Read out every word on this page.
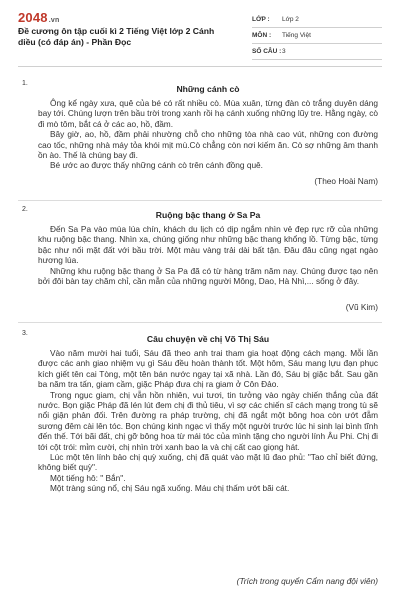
2048.vn
Đề cương ôn tập cuối kì 2 Tiếng Việt lớp 2 Cánh diều (có đáp án) - Phần Đọc
LỚP : Lớp 2
MÔN : Tiếng Việt
SỐ CÂU : 3
1.
Những cánh cò

Ông kể ngày xưa, quê của bé có rất nhiều cò. Mùa xuân, từng đàn cò trắng duyên dáng bay tới. Chúng lượn trên bầu trời trong xanh rồi hạ cánh xuống những lũy tre. Hằng ngày, cò đi mò tôm, bắt cá ở các ao, hồ, đầm.

Bây giờ, ao, hồ, đầm phải nhường chỗ cho những tòa nhà cao vút, những con đường cao tốc, những nhà máy tỏa khói mịt mù.Cò chẳng còn nơi kiếm ăn. Cò sợ những âm thanh ồn ào. Thế là chúng bay đi.

Bé ước ao được thấy những cánh cò trên cánh đồng quê.

(Theo Hoài Nam)
2.
Ruộng bậc thang ở Sa Pa

Đến Sa Pa vào mùa lúa chín, khách du lịch có dịp ngắm nhìn vẻ đẹp rực rỡ của những khu ruộng bậc thang. Nhìn xa, chúng giống như những bậc thang khổng lồ. Từng bậc, từng bậc như nối mặt đất với bầu trời. Một màu vàng trải dài bất tận. Đâu đâu cũng ngạt ngào hương lúa.

Những khu ruộng bậc thang ở Sa Pa đã có từ hàng trăm năm nay. Chúng được tạo nên bởi đôi bàn tay chăm chỉ, cần mẫn của những người Mông, Dao, Hà Nhì,... sống ở đây.

(Vũ Kim)
3.
Câu chuyện về chị Võ Thị Sáu

Vào năm mười hai tuổi, Sáu đã theo anh trai tham gia hoạt động cách mạng. Mỗi lần được các anh giao nhiệm vụ gì Sáu đều hoàn thành tốt. Một hôm, Sáu mang lựu đạn phục kích giết tên cai Tòng, một tên bán nước ngay tại xã nhà. Lần đó, Sáu bị giặc bắt. Sau gần ba năm tra tấn, giam cầm, giặc Pháp đưa chị ra giam ở Côn Đảo.

Trong ngục giam, chị vẫn hồn nhiên, vui tươi, tin tưởng vào ngày chiến thắng của đất nước. Bọn giặc Pháp đã lén lút đem chị đi thủ tiêu, vì sợ các chiến sĩ cách mạng trong tù sẽ nổi giận phản đối. Trên đường ra pháp trường, chị đã ngắt một bông hoa còn ướt đẫm sương đêm cài lên tóc. Bọn chúng kinh ngạc vì thấy một người trước lúc hi sinh lại bình tĩnh đến thế. Tới bãi đất, chị gỡ bông hoa từ mái tóc của mình tặng cho người lính Âu Phi. Chị đi tới cột trói: mỉm cười, chị nhìn trời xanh bao la và chị cất cao giọng hát.

Lúc một tên lính bảo chị quỳ xuống, chị đã quát vào mặt lũ đao phủ: "Tao chỉ biết đứng, không biết quỳ".

Một tiếng hô: " Bắn".

Một tràng súng nổ, chị Sáu ngã xuống. Máu chị thấm ướt bãi cát.

(Trích trong quyển Cẩm nang đội viên)
